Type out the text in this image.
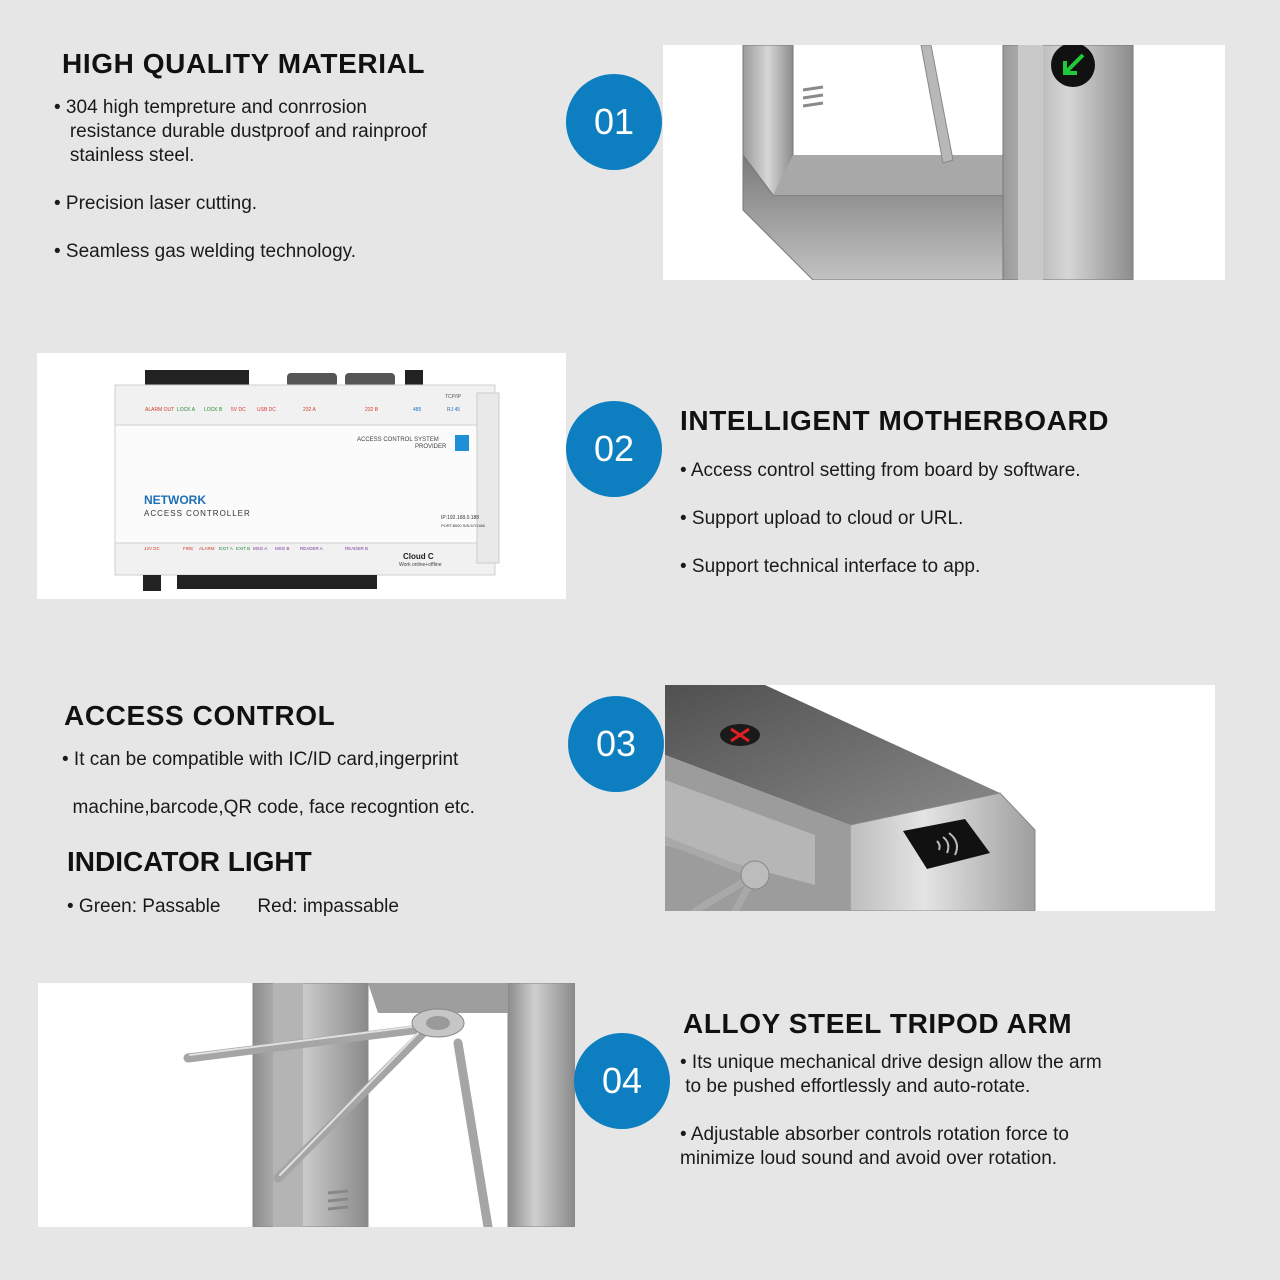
HIGH QUALITY MATERIAL
• 304 high tempreture and conrrosion
resistance durable dustproof and rainproof
stainless steel.
• Precision laser cutting.
• Seamless gas welding technology.
01
ALARM OUT LOCK A LOCK B 5V DC USB DC	232 A	232 B	485	RJ 45
TCP/IP
ACCESS CONTROL SYSTEM
PROVIDER
NETWORK
ACCESS CONTROLLER	IP:192.168.0.188
PORT:8000 S/N:57G188
12V DC	FIRE ALARM EXIT A EXIT B MSG A MSG B READER A	READER B
Cloud C
Work online+offline
02
INTELLIGENT MOTHERBOARD
• Access control setting from board by software.
• Support upload to cloud or URL.
• Support technical interface to app.
ACCESS CONTROL
• It can be compatible with IC/ID card,ingerprint
machine,barcode,QR code, face recogntion etc.
INDICATOR LIGHT
• Green: Passable       Red: impassable
03
04
ALLOY STEEL TRIPOD ARM
• Its unique mechanical drive design allow the arm
to be pushed effortlessly and auto-rotate.
• Adjustable absorber controls rotation force to
minimize loud sound and avoid over rotation.
